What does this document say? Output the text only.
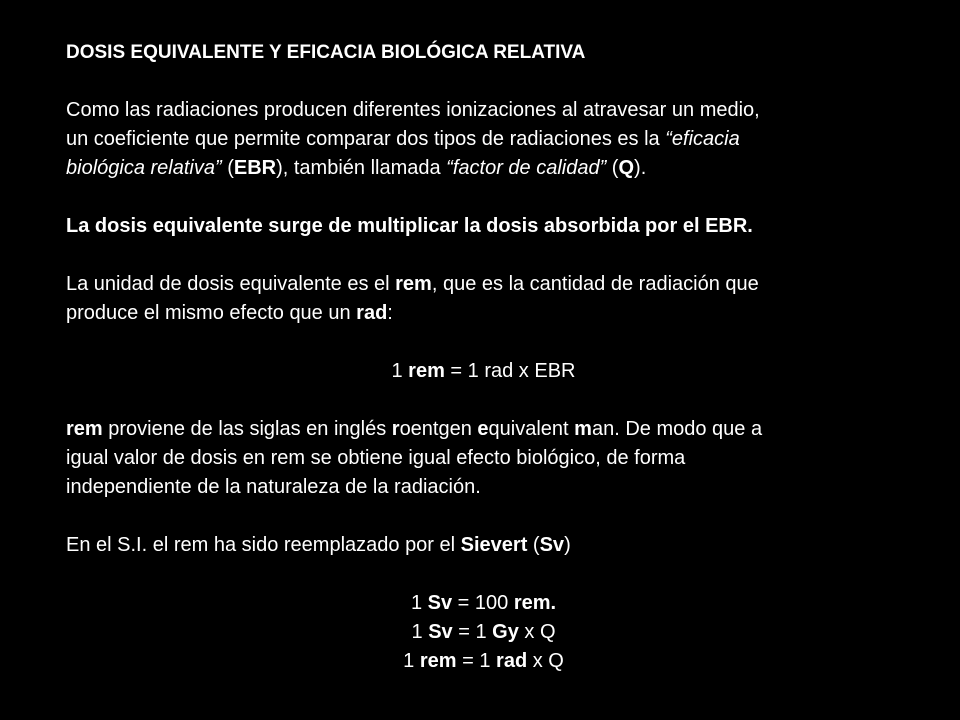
DOSIS EQUIVALENTE Y EFICACIA BIOLÓGICA RELATIVA

Como las radiaciones producen diferentes ionizaciones al atravesar un medio,
un coeficiente que permite comparar dos tipos de radiaciones es la “eficacia
biológica relativa” (EBR), también llamada “factor de calidad” (Q).

La dosis equivalente surge de multiplicar la dosis absorbida por el EBR.

La unidad de dosis equivalente es el rem, que es la cantidad de radiación que
produce el mismo efecto que un rad:

1 rem = 1 rad x EBR

rem proviene de las siglas en inglés roentgen equivalent man. De modo que a
igual valor de dosis en rem se obtiene igual efecto biológico, de forma
independiente de la naturaleza de la radiación.

En el S.I. el rem ha sido reemplazado por el Sievert (Sv)

1 Sv = 100 rem.

1 Sv = 1 Gy x Q

1 rem = 1 rad x Q
